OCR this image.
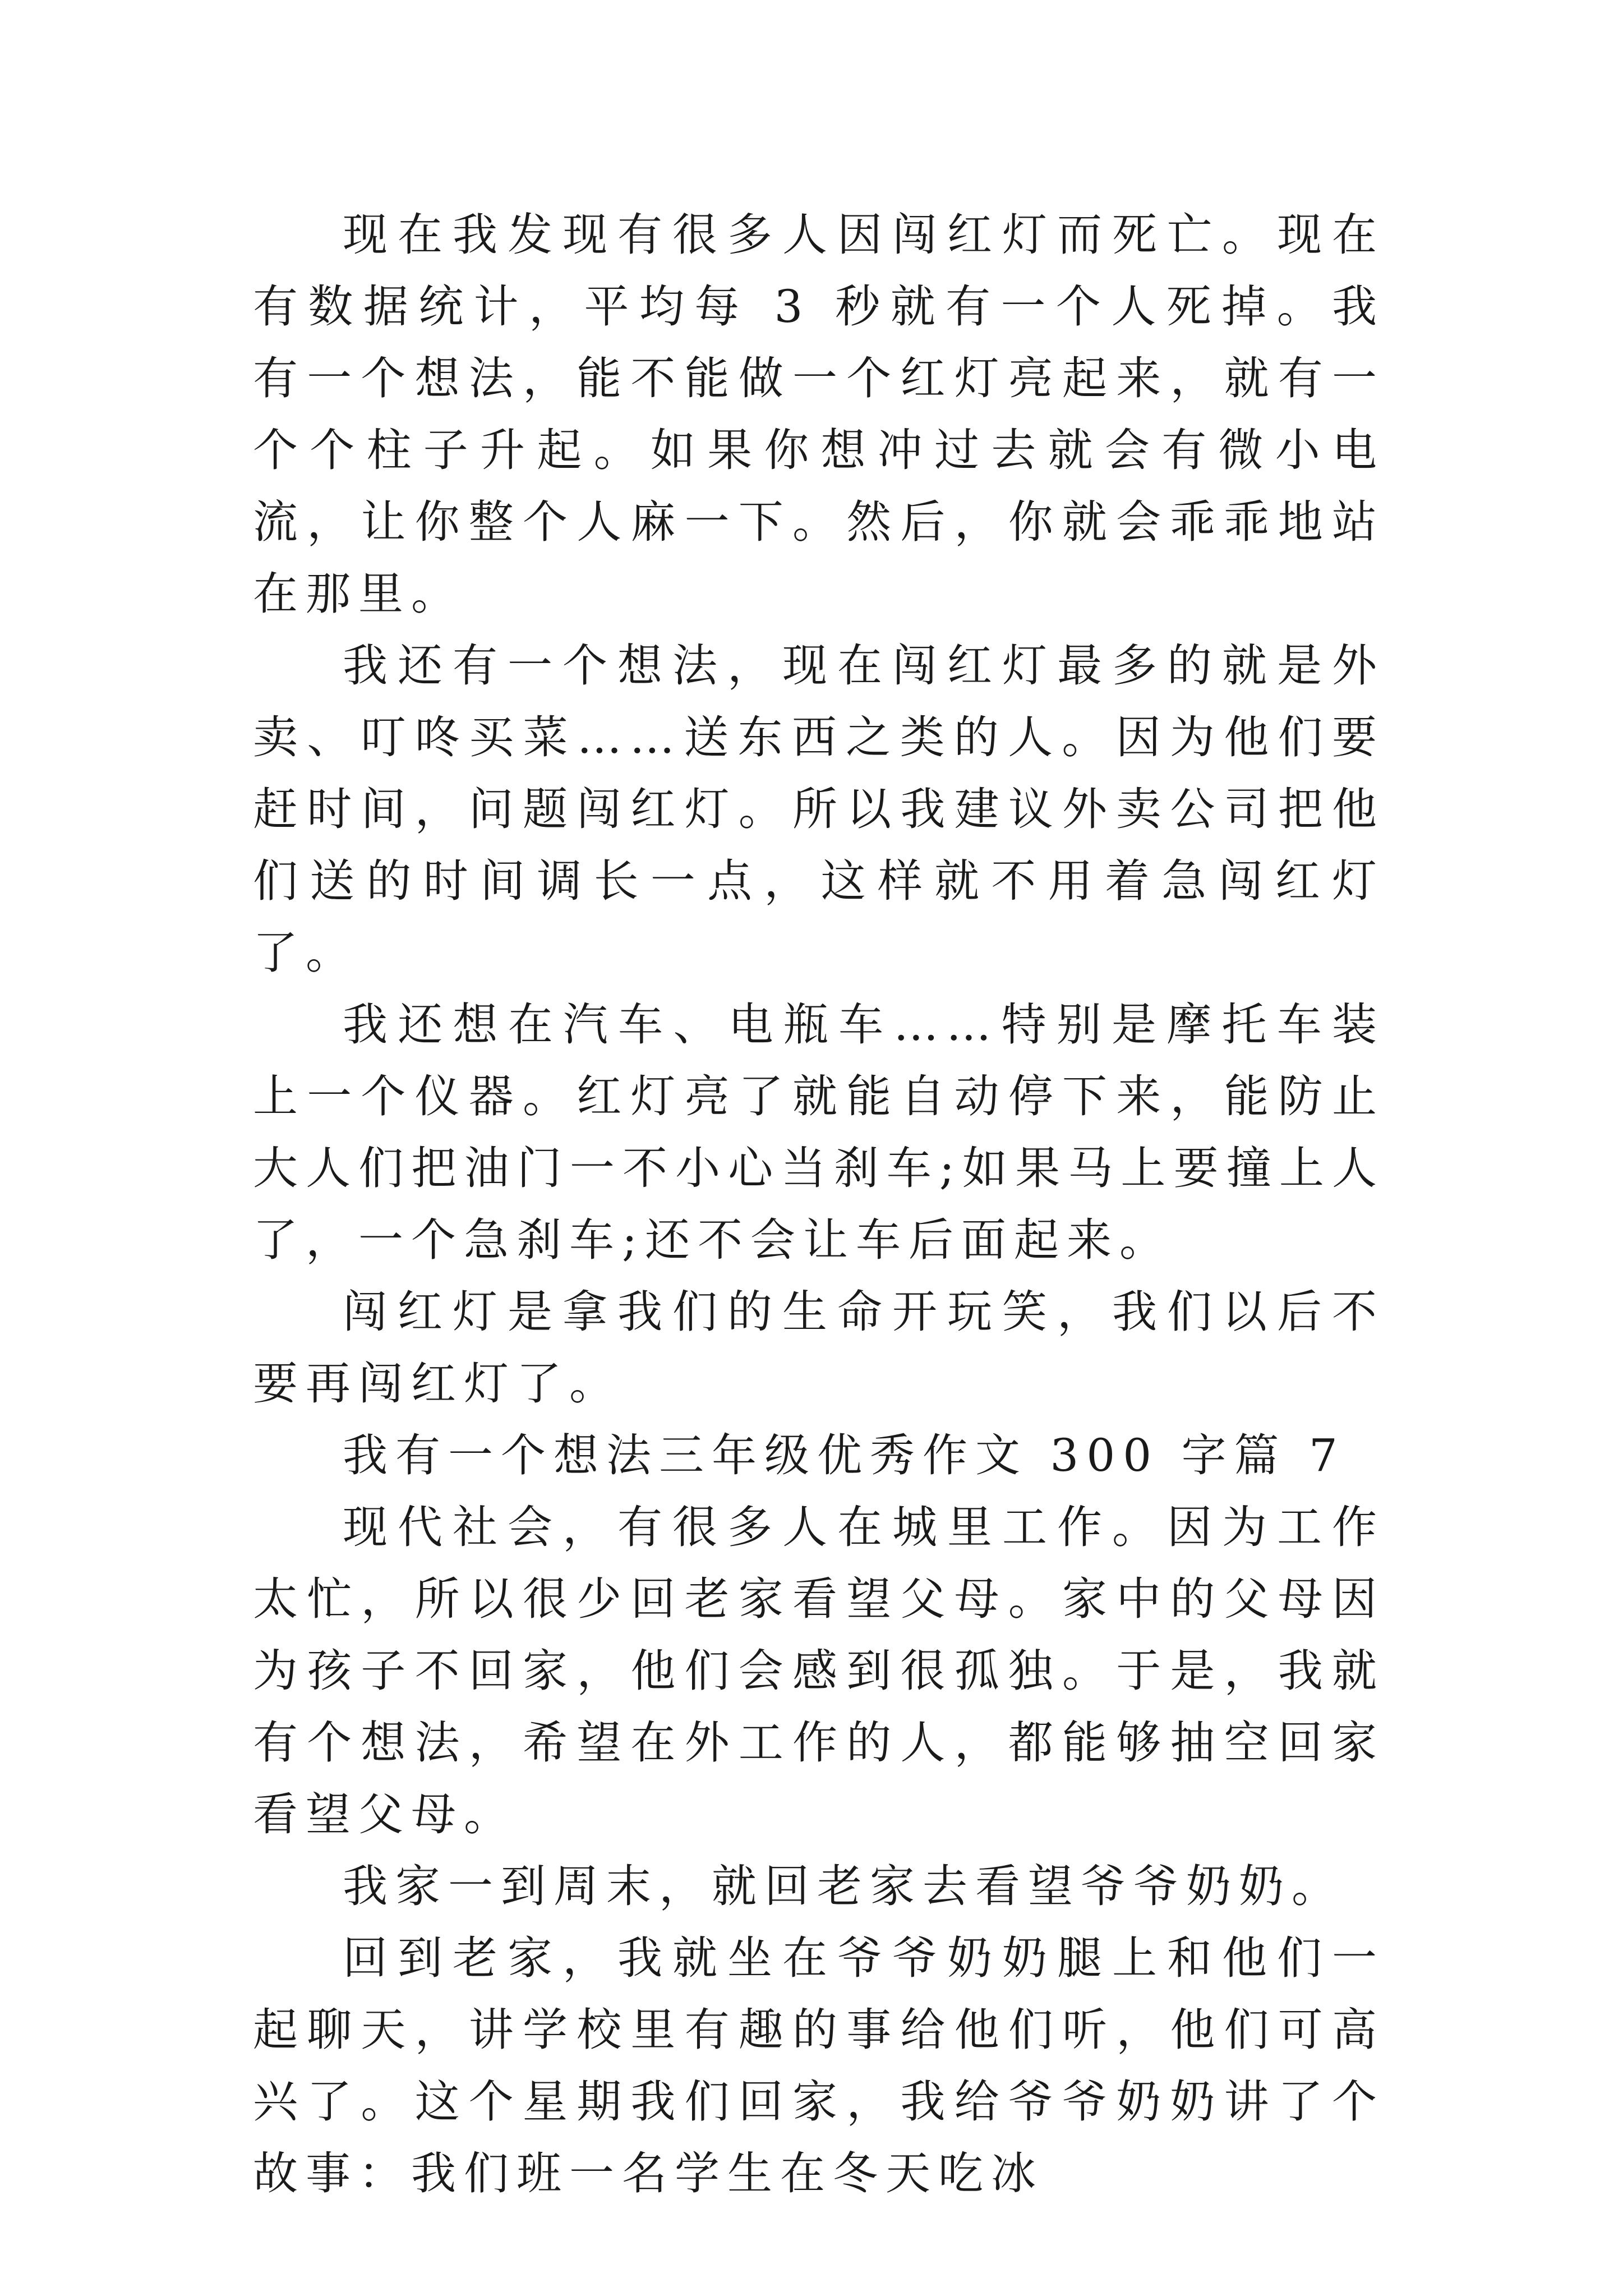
现在我发现有很多人因闯红灯而死亡。现在有数据统计，平均每 3 秒就有一个人死掉。我有一个想法，能不能做一个红灯亮起来，就有一个个柱子升起。如果你想冲过去就会有微小电流，让你整个人麻一下。然后，你就会乖乖地站在那里。

我还有一个想法，现在闯红灯最多的就是外卖、叮咚买菜……送东西之类的人。因为他们要赶时间，问题闯红灯。所以我建议外卖公司把他们送的时间调长一点，这样就不用着急闯红灯了。

我还想在汽车、电瓶车……特别是摩托车装上一个仪器。红灯亮了就能自动停下来，能防止大人们把油门一不小心当刹车;如果马上要撞上人了，一个急刹车;还不会让车后面起来。

闯红灯是拿我们的生命开玩笑，我们以后不要再闯红灯了。

我有一个想法三年级优秀作文 300 字篇 7

现代社会，有很多人在城里工作。因为工作太忙，所以很少回老家看望父母。家中的父母因为孩子不回家，他们会感到很孤独。于是，我就有个想法，希望在外工作的人，都能够抽空回家看望父母。

我家一到周末，就回老家去看望爷爷奶奶。

回到老家，我就坐在爷爷奶奶腿上和他们一起聊天，讲学校里有趣的事给他们听，他们可高兴了。这个星期我们回家，我给爷爷奶奶讲了个故事：我们班一名学生在冬天吃冰
